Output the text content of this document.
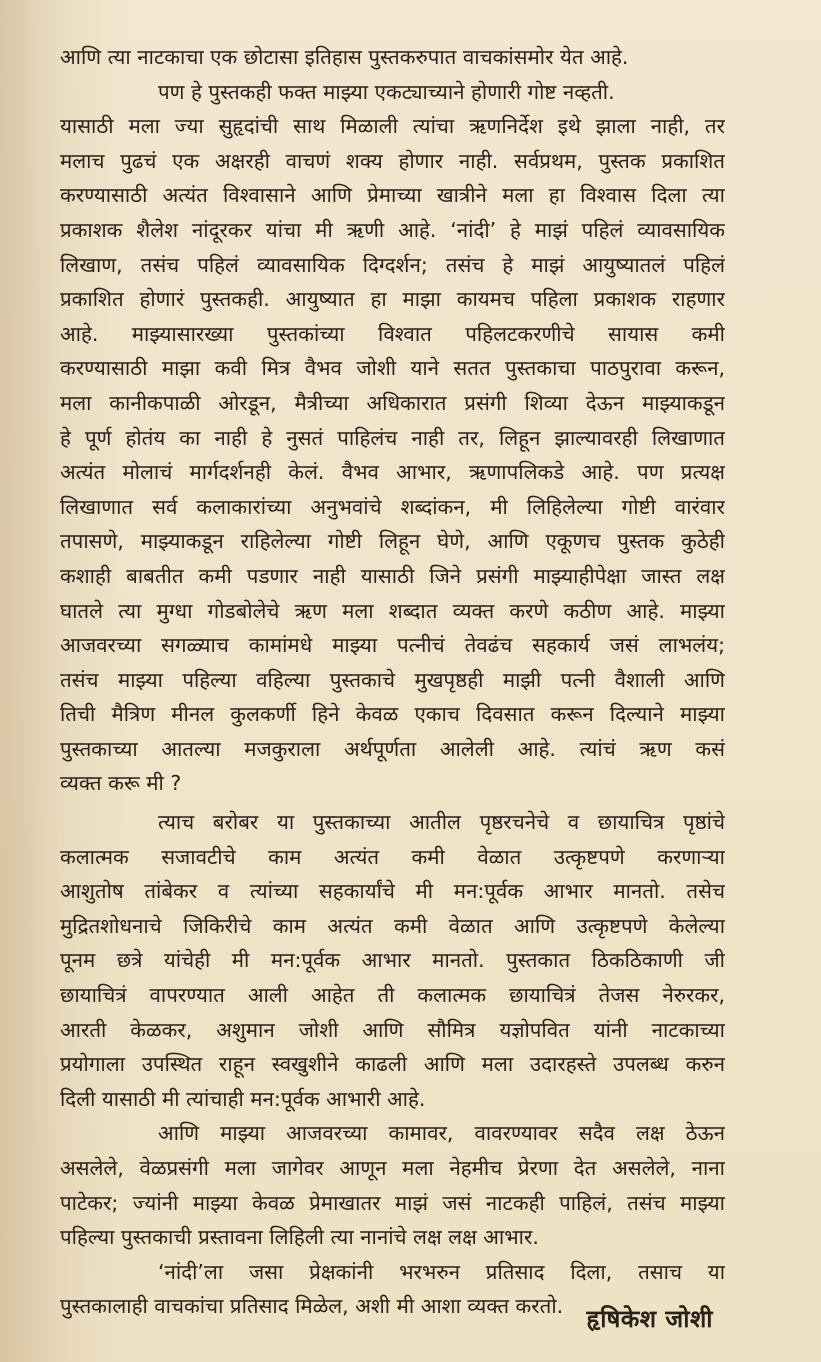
आणि त्या नाटकाचा एक छोटासा इतिहास पुस्तकरुपात वाचकांसमोर येत आहे.
पण हे पुस्तकही फक्त माझ्या एकट्याच्याने होणारी गोष्ट नव्हती.
यासाठी मला ज्या सुहृदांची साथ मिळाली त्यांचा ऋणनिर्देश इथे झाला नाही, तर
मलाच पुढचं एक अक्षरही वाचणं शक्य होणार नाही. सर्वप्रथम, पुस्तक प्रकाशित
करण्यासाठी अत्यंत विश्वासाने आणि प्रेमाच्या खात्रीने मला हा विश्वास दिला त्या
प्रकाशक शैलेश नांदूरकर यांचा मी ऋणी आहे. ‘नांदी’ हे माझं पहिलं व्यावसायिक
लिखाण, तसंच पहिलं व्यावसायिक दिग्दर्शन; तसंच हे माझं आयुष्यातलं पहिलं
प्रकाशित होणारं पुस्तकही. आयुष्यात हा माझा कायमच पहिला प्रकाशक राहणार
आहे. माझ्यासारख्या पुस्तकांच्या विश्वात पहिलटकरणीचे सायास कमी
करण्यासाठी माझा कवी मित्र वैभव जोशी याने सतत पुस्तकाचा पाठपुरावा करून,
मला कानीकपाळी ओरडून, मैत्रीच्या अधिकारात प्रसंगी शिव्या देऊन माझ्याकडून
हे पूर्ण होतंय का नाही हे नुसतं पाहिलंच नाही तर, लिहून झाल्यावरही लिखाणात
अत्यंत मोलाचं मार्गदर्शनही केलं. वैभव आभार, ऋणापलिकडे आहे. पण प्रत्यक्ष
लिखाणात सर्व कलाकारांच्या अनुभवांचे शब्दांकन, मी लिहिलेल्या गोष्टी वारंवार
तपासणे, माझ्याकडून राहिलेल्या गोष्टी लिहून घेणे, आणि एकूणच पुस्तक कुठेही
कशाही बाबतीत कमी पडणार नाही यासाठी जिने प्रसंगी माझ्याहीपेक्षा जास्त लक्ष
घातले त्या मुग्धा गोडबोलेचे ऋण मला शब्दात व्यक्त करणे कठीण आहे. माझ्या
आजवरच्या सगळ्याच कामांमधे माझ्या पत्नीचं तेवढंच सहकार्य जसं लाभलंय;
तसंच माझ्या पहिल्या वहिल्या पुस्तकाचे मुखपृष्ठही माझी पत्नी वैशाली आणि
तिची मैत्रिण मीनल कुलकर्णी हिने केवळ एकाच दिवसात करून दिल्याने माझ्या
पुस्तकाच्या आतल्या मजकुराला अर्थपूर्णता आलेली आहे. त्यांचं ऋण कसं
व्यक्त करू मी ?
त्याच बरोबर या पुस्तकाच्या आतील पृष्ठरचनेचे व छायाचित्र पृष्ठांचे
कलात्मक सजावटीचे काम अत्यंत कमी वेळात उत्कृष्टपणे करणाऱ्या
आशुतोष तांबेकर व त्यांच्या सहकार्यांचे मी मन:पूर्वक आभार मानतो. तसेच
मुद्रितशोधनाचे जिकिरीचे काम अत्यंत कमी वेळात आणि उत्कृष्टपणे केलेल्या
पूनम छत्रे यांचेही मी मन:पूर्वक आभार मानतो. पुस्तकात ठिकठिकाणी जी
छायाचित्रं वापरण्यात आली आहेत ती कलात्मक छायाचित्रं तेजस नेरुरकर,
आरती केळकर, अशुमान जोशी आणि सौमित्र यज्ञोपवित यांनी नाटकाच्या
प्रयोगाला उपस्थित राहून स्वखुशीने काढली आणि मला उदारहस्ते उपलब्ध करुन
दिली यासाठी मी त्यांचाही मन:पूर्वक आभारी आहे.
आणि माझ्या आजवरच्या कामावर, वावरण्यावर सदैव लक्ष ठेऊन
असलेले, वेळप्रसंगी मला जागेवर आणून मला नेहमीच प्रेरणा देत असलेले, नाना
पाटेकर; ज्यांनी माझ्या केवळ प्रेमाखातर माझं जसं नाटकही पाहिलं, तसंच माझ्या
पहिल्या पुस्तकाची प्रस्तावना लिहिली त्या नानांचे लक्ष लक्ष आभार.
‘नांदी’ला जसा प्रेक्षकांनी भरभरुन प्रतिसाद दिला, तसाच या
पुस्तकालाही वाचकांचा प्रतिसाद मिळेल, अशी मी आशा व्यक्त करतो. हृषिकेश जोशी
